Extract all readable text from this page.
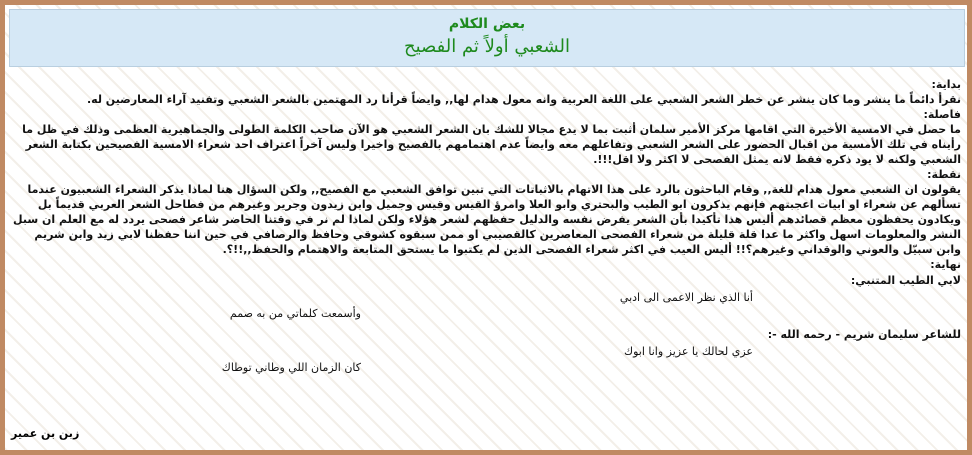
بعض الكلام
الشعبي أولاً ثم الفصيح
بداية:
نقرأ دائماً ما ينشر وما كان ينشر عن خطر الشعر الشعبي على اللغة العربية وانه معول هدام لها,, وايضاً قرأنا رد المهتمين بالشعر الشعبي وتفنيد آراء المعارضين له.
فاصلة:
ما حصل في الامسية الأخيرة التي اقامها مركز الأمير سلمان أثبت بما لا يدع مجالا للشك بان الشعر الشعبي هو الآن صاحب الكلمة الطولى والجماهيرية العظمى وذلك في ظل ما رأيناه في تلك الأمسية من اقبال الحضور على الشعر الشعبي وتفاعلهم معه وايضاً عدم اهتمامهم بالفصيح واخيرا وليس آخراً اعتراف احد شعراء الامسية الفصيحين بكتابة الشعر الشعبي ولكنه لا يود ذكره فقط لانه يمثل الفصحى لا اكثر ولا اقل!!!.
نقطة:
يقولون ان الشعبي معول هدام للغة,, وقام الباحثون بالرد على هذا الاتهام بالاثباتات التي تبين توافق الشعبي مع الفصيح,, ولكن السؤال هنا لماذا يذكر الشعراء الشعبيون عندما تسألهم عن شعراء او ابيات اعجبتهم فإنهم يذكرون ابو الطيب والبحتري وابو العلا وامرؤ القيس وقيس وجميل وابن زيدون وجرير وغيرهم من فطاحل الشعر العربي قديماً بل ويكادون يحفظون معظم قصائدهم أليس هذا تأكيدا بأن الشعر يفرض نفسه والدليل حفظهم لشعر هؤلاء ولكن لماذا لم نر في وقتنا الحاضر شاعر فصحى يردد له مع العلم ان سبل النشر والمعلومات اسهل واكثر ما عدا قلة قليلة من شعراء الفصحى المعاصرين كالقصيبي او ممن سبقوه كشوقي وحافظ والرصافي في حين اننا حفظنا لابي زيد وابن شريم وابن سبيّل والعوني والوقداني وغيرهم؟!! أليس العيب في اكثر شعراء الفصحى الذين لم يكتبوا ما يستحق المتابعة والاهتمام والحفظ,,!!؟.
نهاية:
لابي الطيب المتنبي:
أنا الذي نظر الاعمى الى ادبي
وأسمعت كلماتي من به صمم
للشاعر سليمان شريم - رحمه الله -:
عزي لحالك يا عزيز وانا ابوك
كان الزمان اللي وطاني توطاك
زبن بن عمير
